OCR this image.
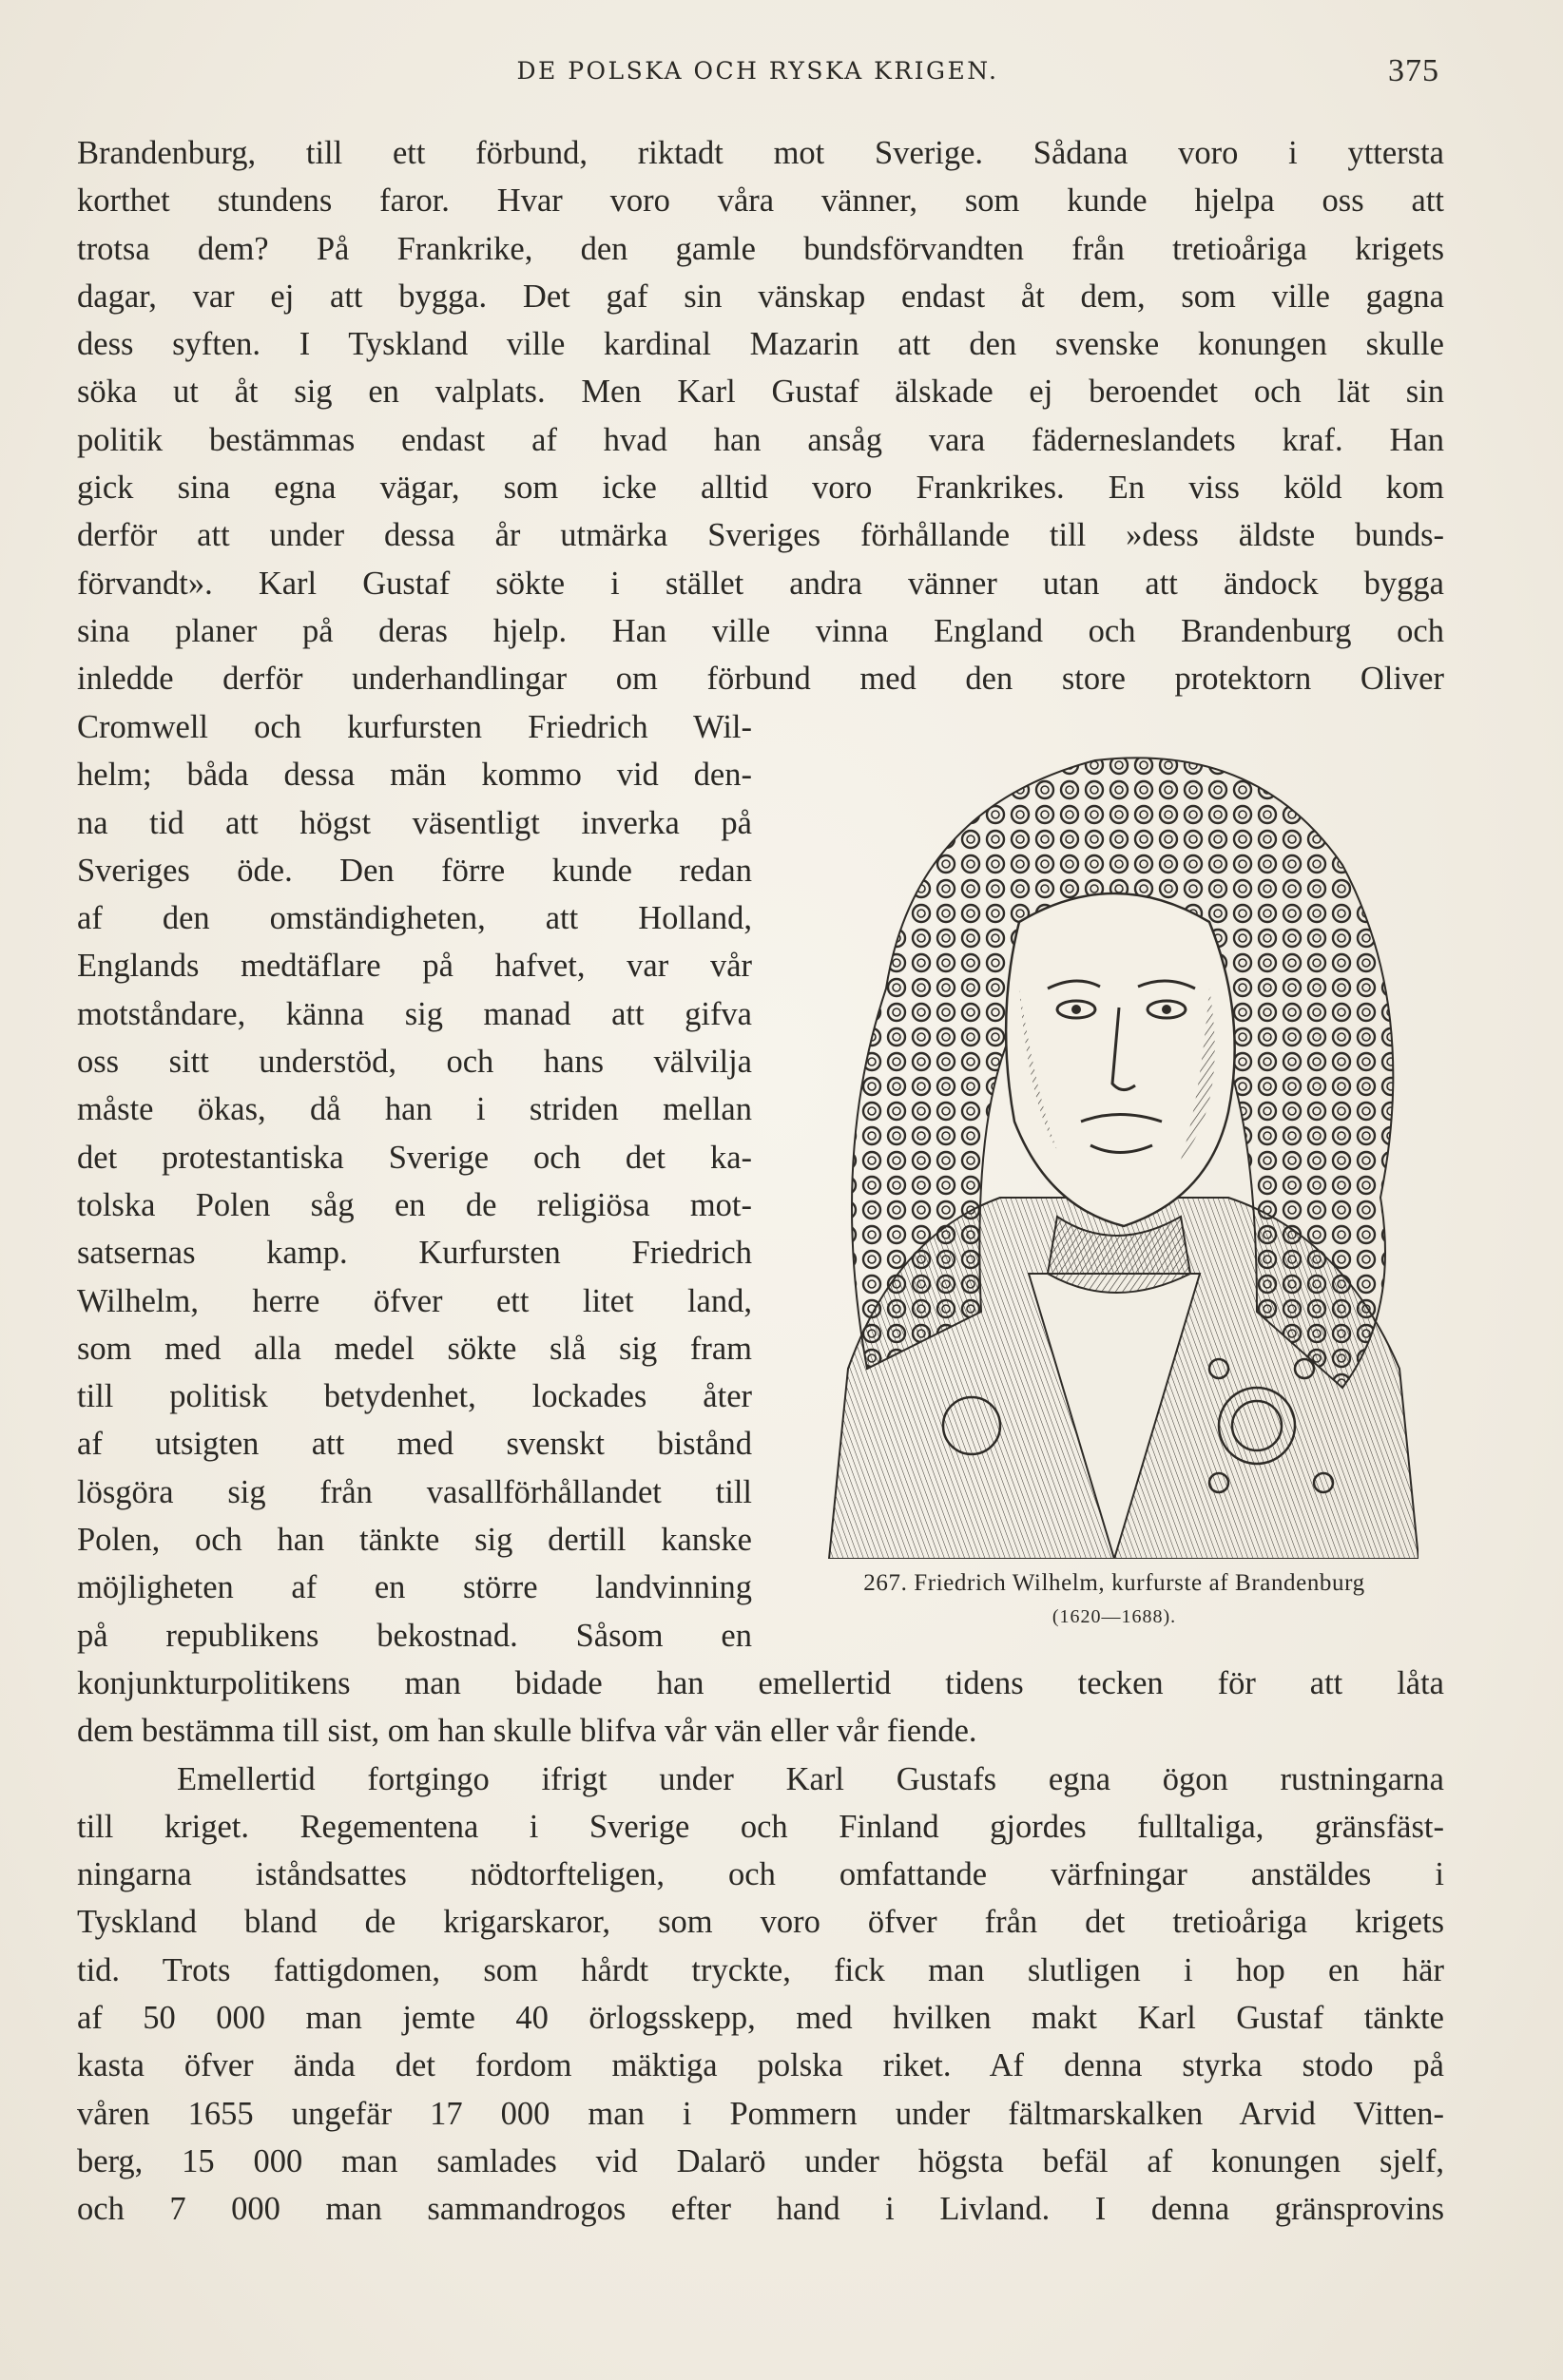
DE POLSKA OCH RYSKA KRIGEN.	375
Brandenburg, till ett förbund, riktadt mot Sverige. Sådana voro i yttersta
korthet stundens faror. Hvar voro våra vänner, som kunde hjelpa oss att
trotsa dem? På Frankrike, den gamle bundsförvandten från tretioåriga krigets
dagar, var ej att bygga. Det gaf sin vänskap endast åt dem, som ville gagna
dess syften. I Tyskland ville kardinal Mazarin att den svenske konungen skulle
söka ut åt sig en valplats. Men Karl Gustaf älskade ej beroendet och lät sin
politik bestämmas endast af hvad han ansåg vara fäderneslandets kraf. Han
gick sina egna vägar, som icke alltid voro Frankrikes. En viss köld kom
derför att under dessa år utmärka Sveriges förhållande till »dess äldste bunds-
förvandt». Karl Gustaf sökte i stället andra vänner utan att ändock bygga
sina planer på deras hjelp. Han ville vinna England och Brandenburg och
inledde derför underhandlingar om förbund med den store protektorn Oliver
Cromwell och kurfursten Friedrich Wil-
helm; båda dessa män kommo vid den-
na tid att högst väsentligt inverka på
Sveriges öde. Den förre kunde redan
af den omständigheten, att Holland,
Englands medtäflare på hafvet, var vår
motståndare, känna sig manad att gifva
oss sitt understöd, och hans välvilja
måste ökas, då han i striden mellan
det protestantiska Sverige och det ka-
tolska Polen såg en de religiösa mot-
satsernas kamp. Kurfursten Friedrich
Wilhelm, herre öfver ett litet land,
som med alla medel sökte slå sig fram
till politisk betydenhet, lockades åter
af utsigten att med svenskt bistånd
lösgöra sig från vasallförhållandet till
Polen, och han tänkte sig dertill kanske
möjligheten af en större landvinning
på republikens bekostnad. Såsom en
267. Friedrich Wilhelm, kurfurste af Brandenburg
(1620—1688).
konjunkturpolitikens man bidade han emellertid tidens tecken för att låta
dem bestämma till sist, om han skulle blifva vår vän eller vår fiende.
Emellertid fortgingo ifrigt under Karl Gustafs egna ögon rustningarna
till kriget. Regementena i Sverige och Finland gjordes fulltaliga, gränsfäst-
ningarna iståndsattes nödtorfteligen, och omfattande värfningar anstäldes i
Tyskland bland de krigarskaror, som voro öfver från det tretioåriga krigets
tid. Trots fattigdomen, som hårdt tryckte, fick man slutligen i hop en här
af 50 000 man jemte 40 örlogsskepp, med hvilken makt Karl Gustaf tänkte
kasta öfver ända det fordom mäktiga polska riket. Af denna styrka stodo på
våren 1655 ungefär 17 000 man i Pommern under fältmarskalken Arvid Vitten-
berg, 15 000 man samlades vid Dalarö under högsta befäl af konungen sjelf,
och 7 000 man sammandrogos efter hand i Livland. I denna gränsprovins
